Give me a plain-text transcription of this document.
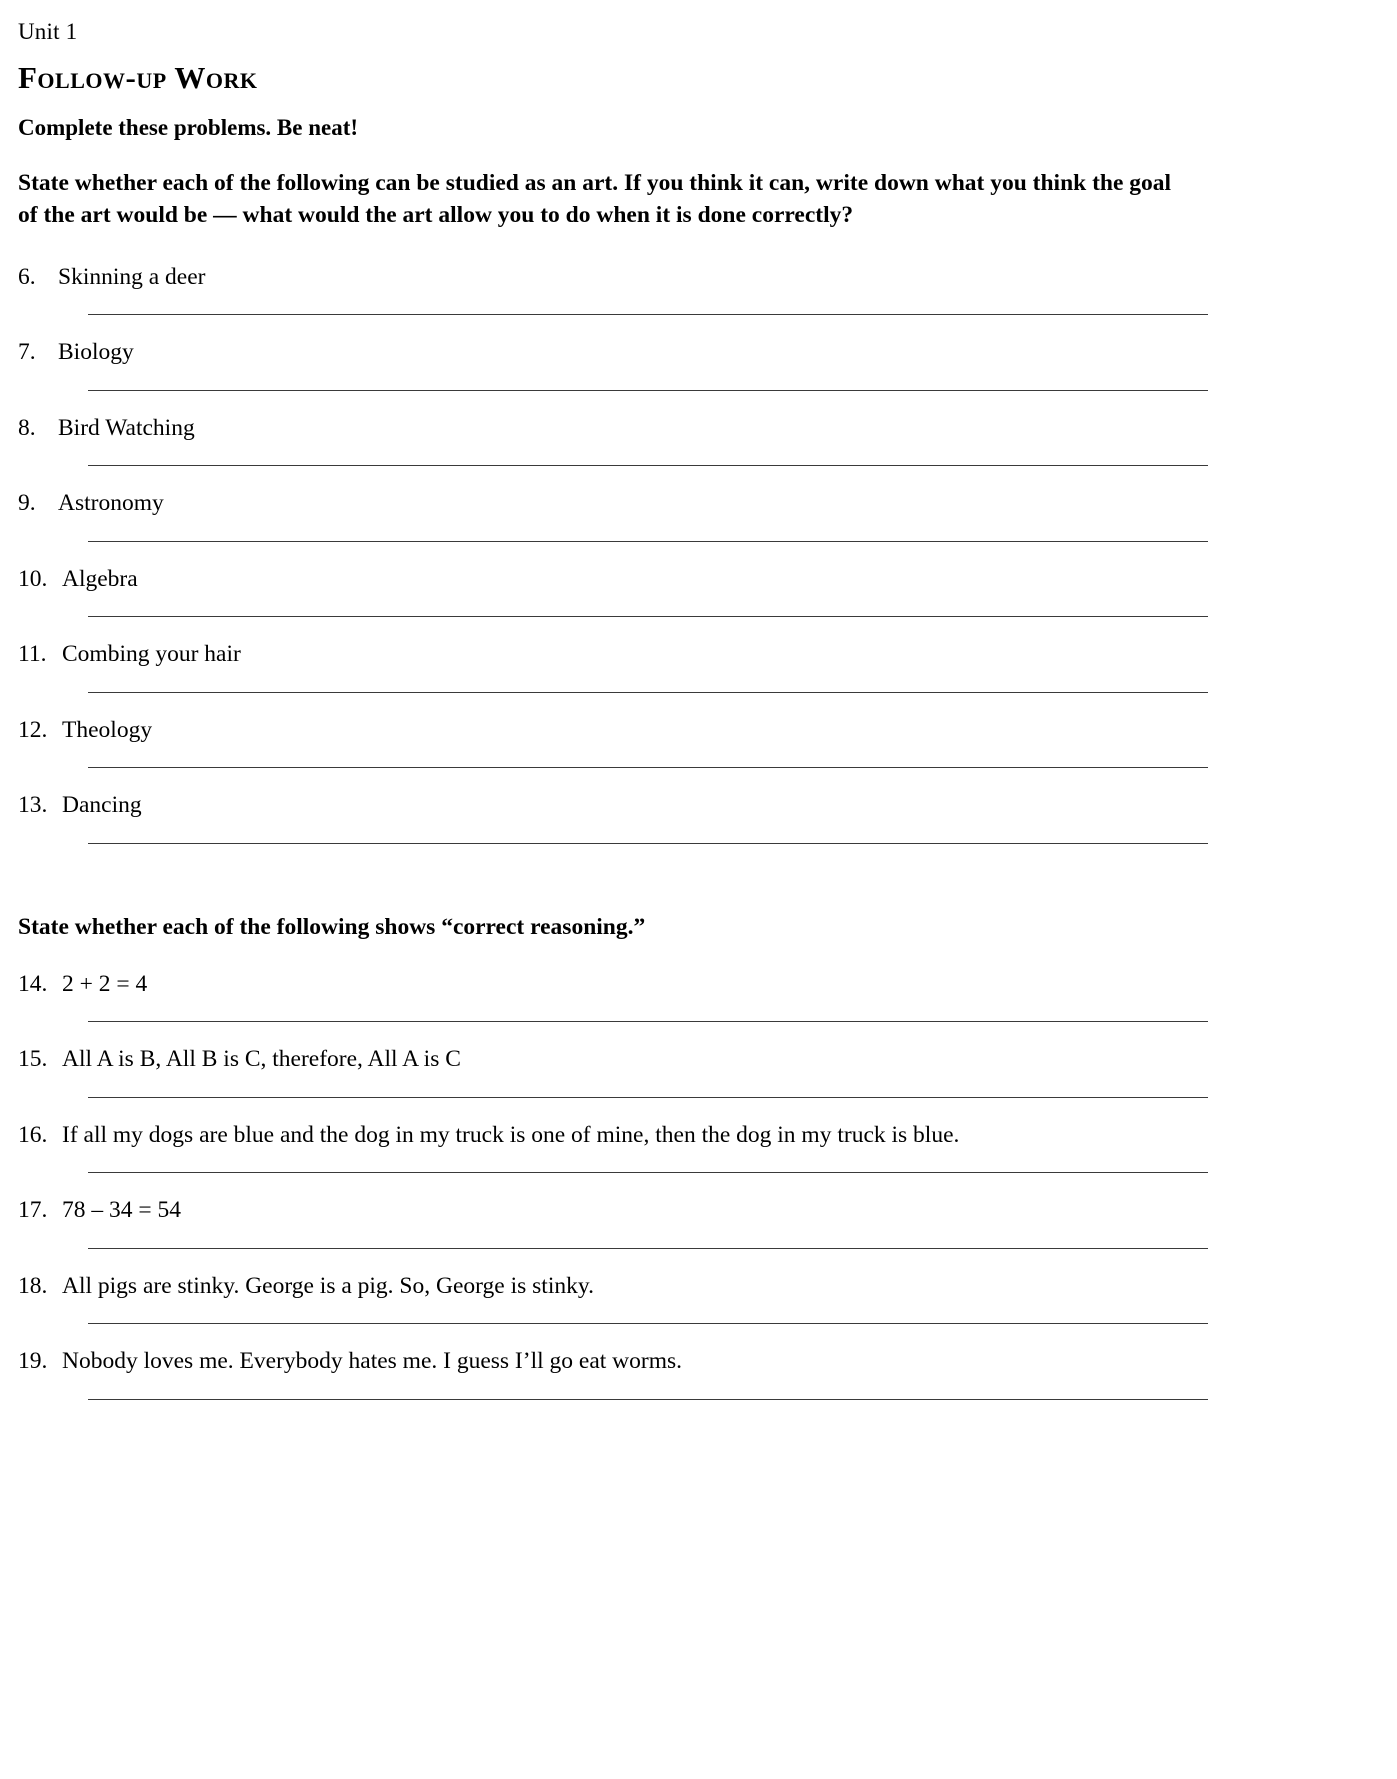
Unit 1
Follow-up Work
Complete these problems. Be neat!
State whether each of the following can be studied as an art. If you think it can, write down what you think the goal of the art would be — what would the art allow you to do when it is done correctly?
6. Skinning a deer
7. Biology
8. Bird Watching
9. Astronomy
10. Algebra
11. Combing your hair
12. Theology
13. Dancing
State whether each of the following shows “correct reasoning.”
14. 2 + 2 = 4
15. All A is B, All B is C, therefore, All A is C
16. If all my dogs are blue and the dog in my truck is one of mine, then the dog in my truck is blue.
17. 78 – 34 = 54
18. All pigs are stinky. George is a pig. So, George is stinky.
19. Nobody loves me. Everybody hates me. I guess I’ll go eat worms.
